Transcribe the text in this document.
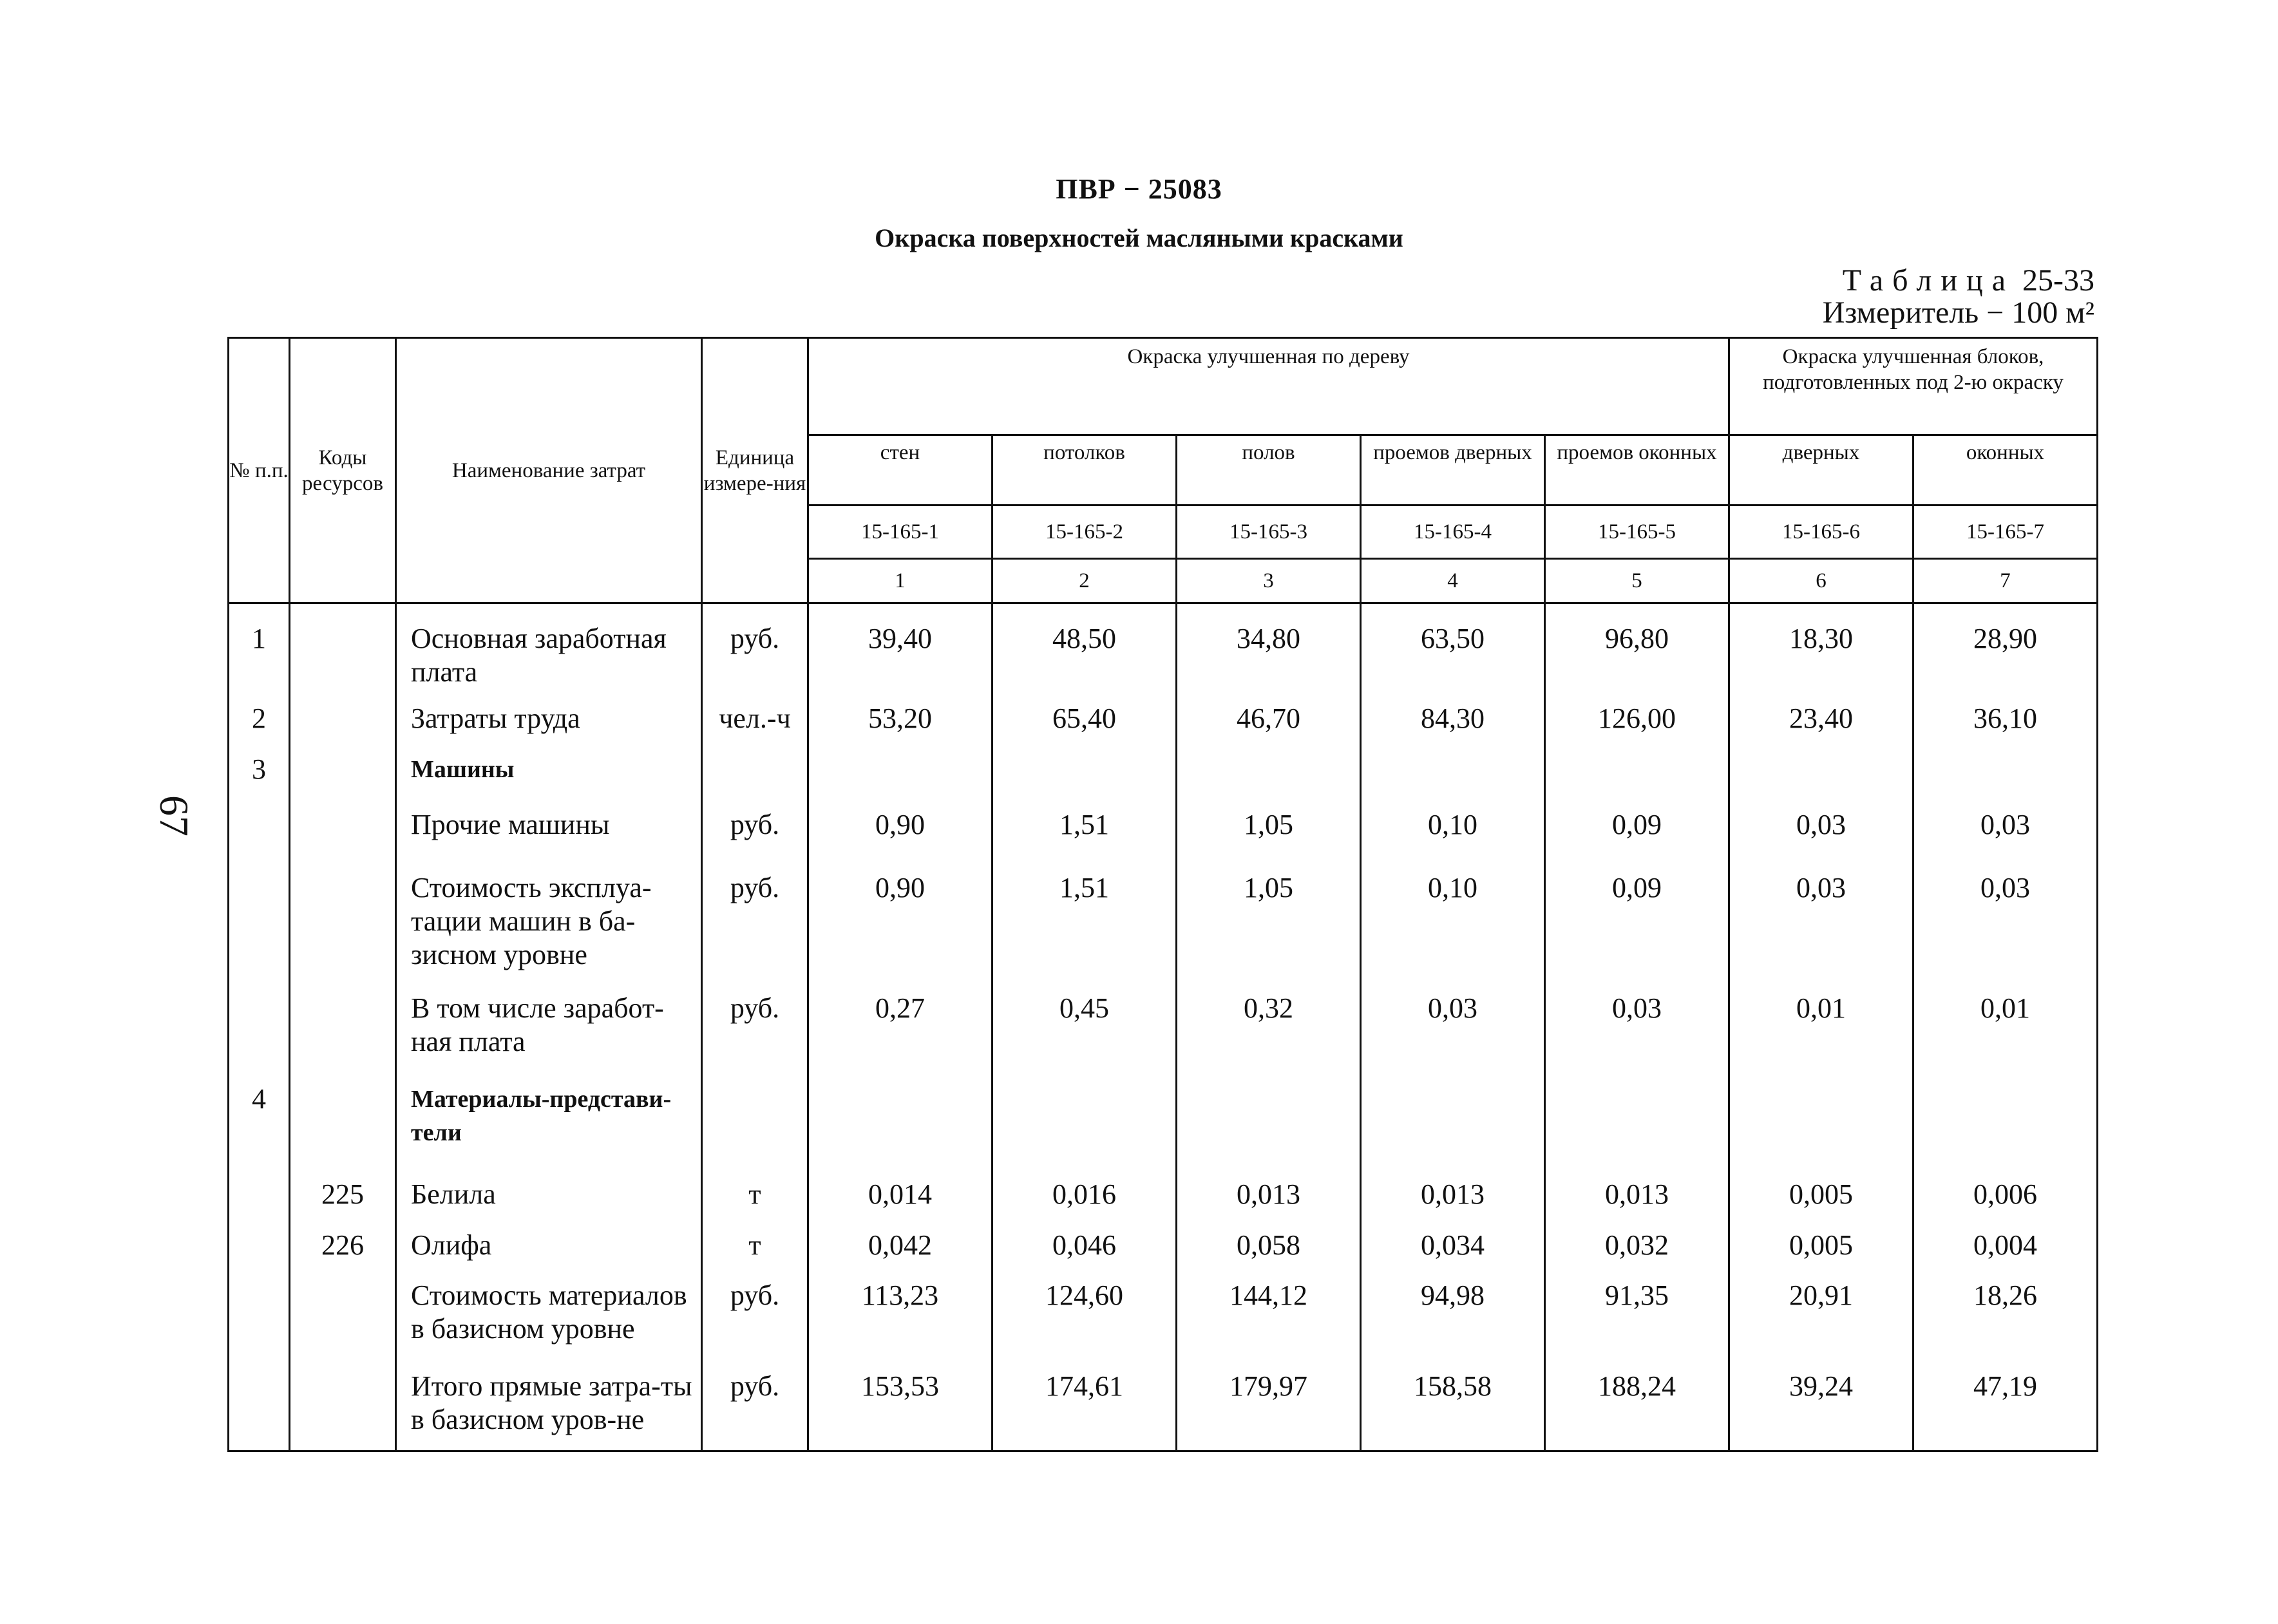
ПВР − 25083
Окраска поверхностей масляными красками
Таблица 25-33
Измеритель − 100 м²
67
№ п.п.	Коды ресурсов	Наименование затрат	Единица измере-ния	Окраска улучшенная по дереву					Окраска улучшенная блоков, подготовленных под 2-ю окраску	
				стен	потолков	полов	проемов дверных	проемов оконных	дверных	оконных
				15-165-1	15-165-2	15-165-3	15-165-4	15-165-5	15-165-6	15-165-7
				1	2	3	4	5	6	7

1		Основная заработная плата	руб.	39,40	48,50	34,80	63,50	96,80	18,30	28,90
2		Затраты труда	чел.-ч	53,20	65,40	46,70	84,30	126,00	23,40	36,10
3		Машины								
		Прочие машины	руб.	0,90	1,51	1,05	0,10	0,09	0,03	0,03
		Стоимость эксплуа-тации машин в ба-зисном уровне	руб.	0,90	1,51	1,05	0,10	0,09	0,03	0,03
		В том числе заработ-ная плата	руб.	0,27	0,45	0,32	0,03	0,03	0,01	0,01
4		Материалы-представи-тели								
	225	Белила	т	0,014	0,016	0,013	0,013	0,013	0,005	0,006
	226	Олифа	т	0,042	0,046	0,058	0,034	0,032	0,005	0,004
		Стоимость материалов в базисном уровне	руб.	113,23	124,60	144,12	94,98	91,35	20,91	18,26
		Итого прямые затра-ты в базисном уров-не	руб.	153,53	174,61	179,97	158,58	188,24	39,24	47,19
